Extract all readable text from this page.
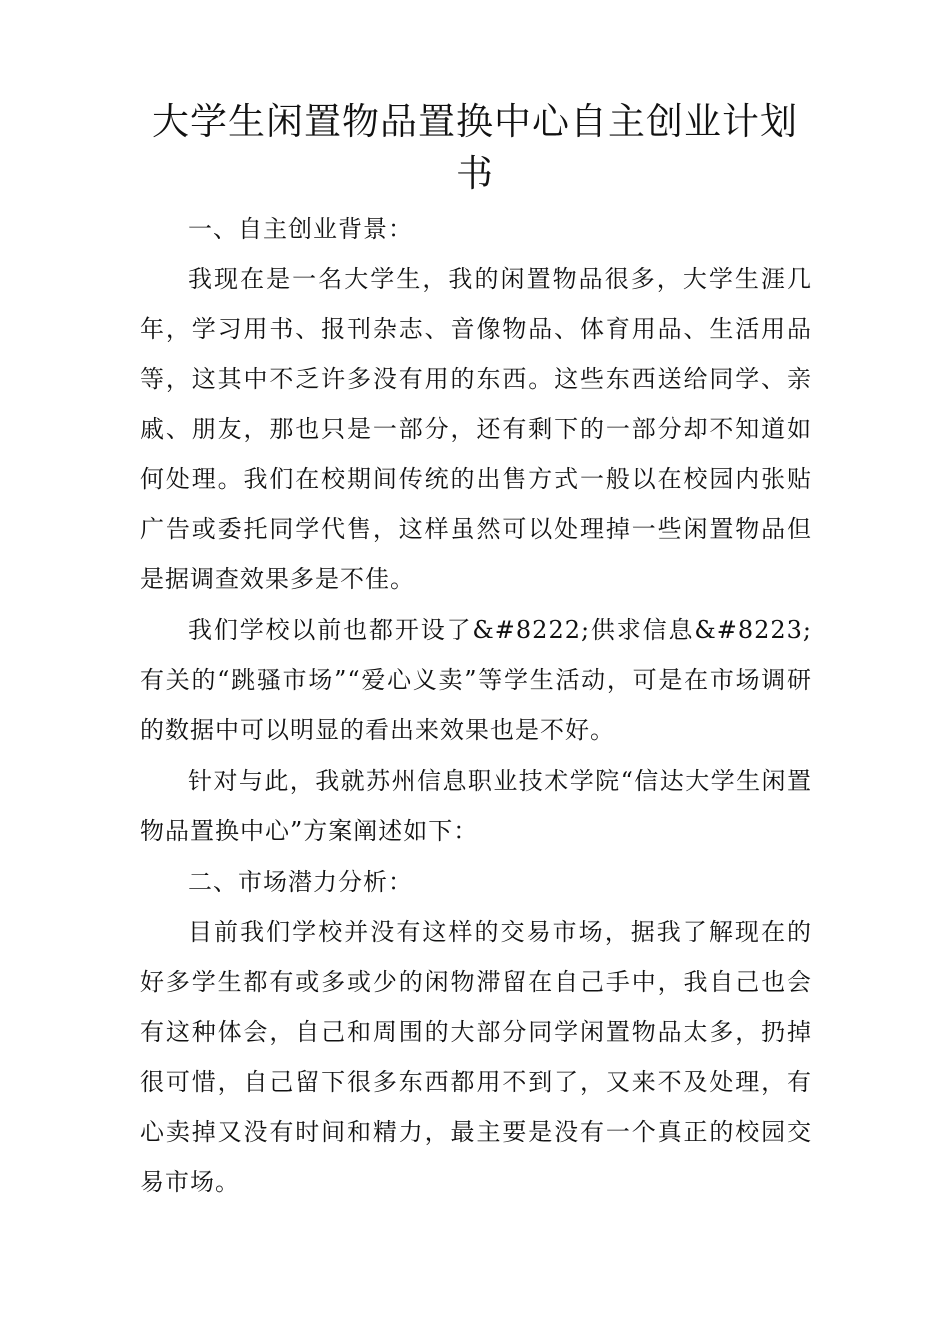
大学生闲置物品置换中心自主创业计划书

一、自主创业背景：

我现在是一名大学生，我的闲置物品很多，大学生涯几年，学习用书、报刊杂志、音像物品、体育用品、生活用品等，这其中不乏许多没有用的东西。这些东西送给同学、亲戚、朋友，那也只是一部分，还有剩下的一部分却不知道如何处理。我们在校期间传统的出售方式一般以在校园内张贴广告或委托同学代售，这样虽然可以处理掉一些闲置物品但是据调查效果多是不佳。

我们学校以前也都开设了&#8222;供求信息&#8223;有关的“跳骚市场”“爱心义卖”等学生活动，可是在市场调研的数据中可以明显的看出来效果也是不好。

针对与此，我就苏州信息职业技术学院“信达大学生闲置物品置换中心”方案阐述如下：

二、市场潜力分析：

目前我们学校并没有这样的交易市场，据我了解现在的好多学生都有或多或少的闲物滞留在自己手中，我自己也会有这种体会，自己和周围的大部分同学闲置物品太多，扔掉很可惜，自己留下很多东西都用不到了，又来不及处理，有心卖掉又没有时间和精力，最主要是没有一个真正的校园交易市场。
